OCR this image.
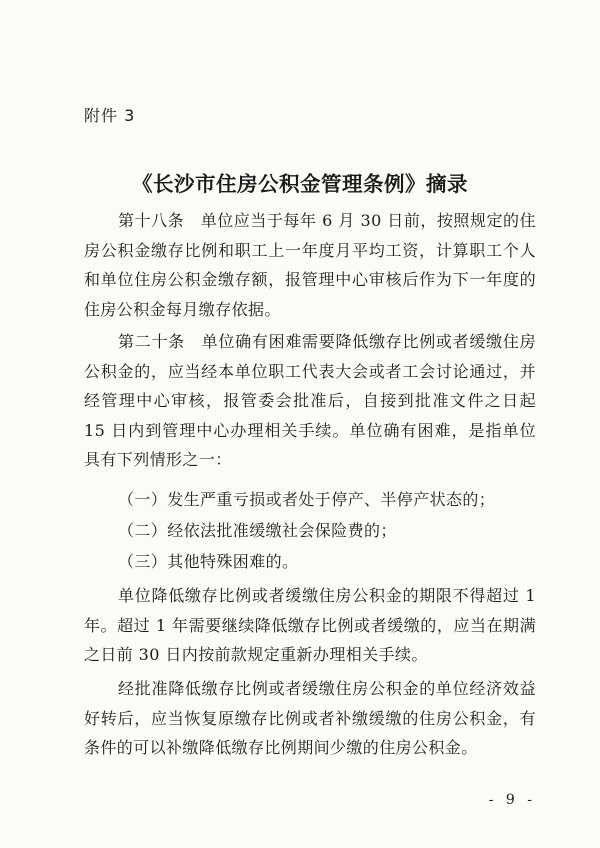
附件 3
《长沙市住房公积金管理条例》摘录

第十八条　单位应当于每年 6 月 30 日前，按照规定的住房公积金缴存比例和职工上一年度月平均工资，计算职工个人和单位住房公积金缴存额，报管理中心审核后作为下一年度的住房公积金每月缴存依据。

第二十条　单位确有困难需要降低缴存比例或者缓缴住房公积金的，应当经本单位职工代表大会或者工会讨论通过，并经管理中心审核，报管委会批准后，自接到批准文件之日起 15 日内到管理中心办理相关手续。单位确有困难，是指单位具有下列情形之一：

（一）发生严重亏损或者处于停产、半停产状态的；

（二）经依法批准缓缴社会保险费的；

（三）其他特殊困难的。

单位降低缴存比例或者缓缴住房公积金的期限不得超过 1 年。超过 1 年需要继续降低缴存比例或者缓缴的，应当在期满之日前 30 日内按前款规定重新办理相关手续。

经批准降低缴存比例或者缓缴住房公积金的单位经济效益好转后，应当恢复原缴存比例或者补缴缓缴的住房公积金，有条件的可以补缴降低缴存比例期间少缴的住房公积金。

- 9 -
